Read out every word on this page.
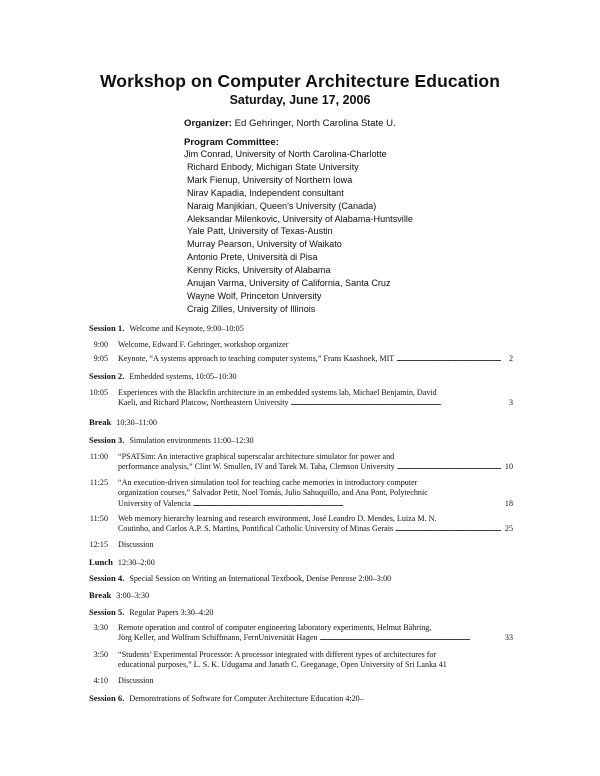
Workshop on Computer Architecture Education
Saturday, June 17, 2006
Organizer: Ed Gehringer, North Carolina State U.
Program Committee:
Jim Conrad, University of North Carolina-Charlotte
Richard Enbody, Michigan State University
Mark Fienup, University of Northern Iowa
Nirav Kapadia, Independent consultant
Naraig Manjikian, Queen's University (Canada)
Aleksandar Milenkovic, University of Alabama-Huntsville
Yale Patt, University of Texas-Austin
Murray Pearson, University of Waikato
Antonio Prete, Università di Pisa
Kenny Ricks, University of Alabama
Anujan Varma, University of California, Santa Cruz
Wayne Wolf, Princeton University
Craig Zilles, University of Illinois
Session 1. Welcome and Keynote, 9:00–10:05
9:00 Welcome, Edward F. Gehringer, workshop organizer
9:05 Keynote, “A systems approach to teaching computer systems,” Frans Kaashoek, MIT . . .	2
Session 2. Embedded systems, 10:05–10:30
10:05 Experiences with the Blackfin architecture in an embedded systems lab, Michael Benjamin, David
Kaeli, and Richard Platcow, Northeastern University . . .	3
Break 10:30–11:00
Session 3. Simulation environments 11:00–12:30
11:00 “PSATSim: An interactive graphical superscalar architecture simulator for power and
performance analysis,” Clint W. Smullen, IV and Tarek M. Taha, Clemson University . . .	10
11:25 “An execution-driven simulation tool for teaching cache memories in introductory computer
organization courses,” Salvador Petit, Noel Tomás, Julio Sahuquillo, and Ana Pont, Polytechnic
University of Valencia . . .	18
11:50 Web memory hierarchy learning and research environment, José Leandro D. Mendes, Luiza M. N.
Coutinho, and Carlos A.P. S. Martins, Pontifical Catholic University of Minas Gerais . . .	25
12:15 Discussion
Lunch 12:30–2:00
Session 4. Special Session on Writing an International Textbook, Denise Penrose 2:00–3:00
Break 3:00–3:30
Session 5. Regular Papers 3:30–4:20
3:30 Remote operation and control of computer engineering laboratory experiments, Helmut Bähring,
Jörg Keller, and Wolfram Schiffmann, FernUniversität Hagen . . .	33
3:50 “Students’ Experimental Processor: A processor integrated with different types of architectures for
educational purposes,” L. S. K. Udugama and Janath C. Geeganage, Open University of Sri Lanka 41
4:10 Discussion
Session 6. Demonstrations of Software for Computer Architecture Education 4:20–
